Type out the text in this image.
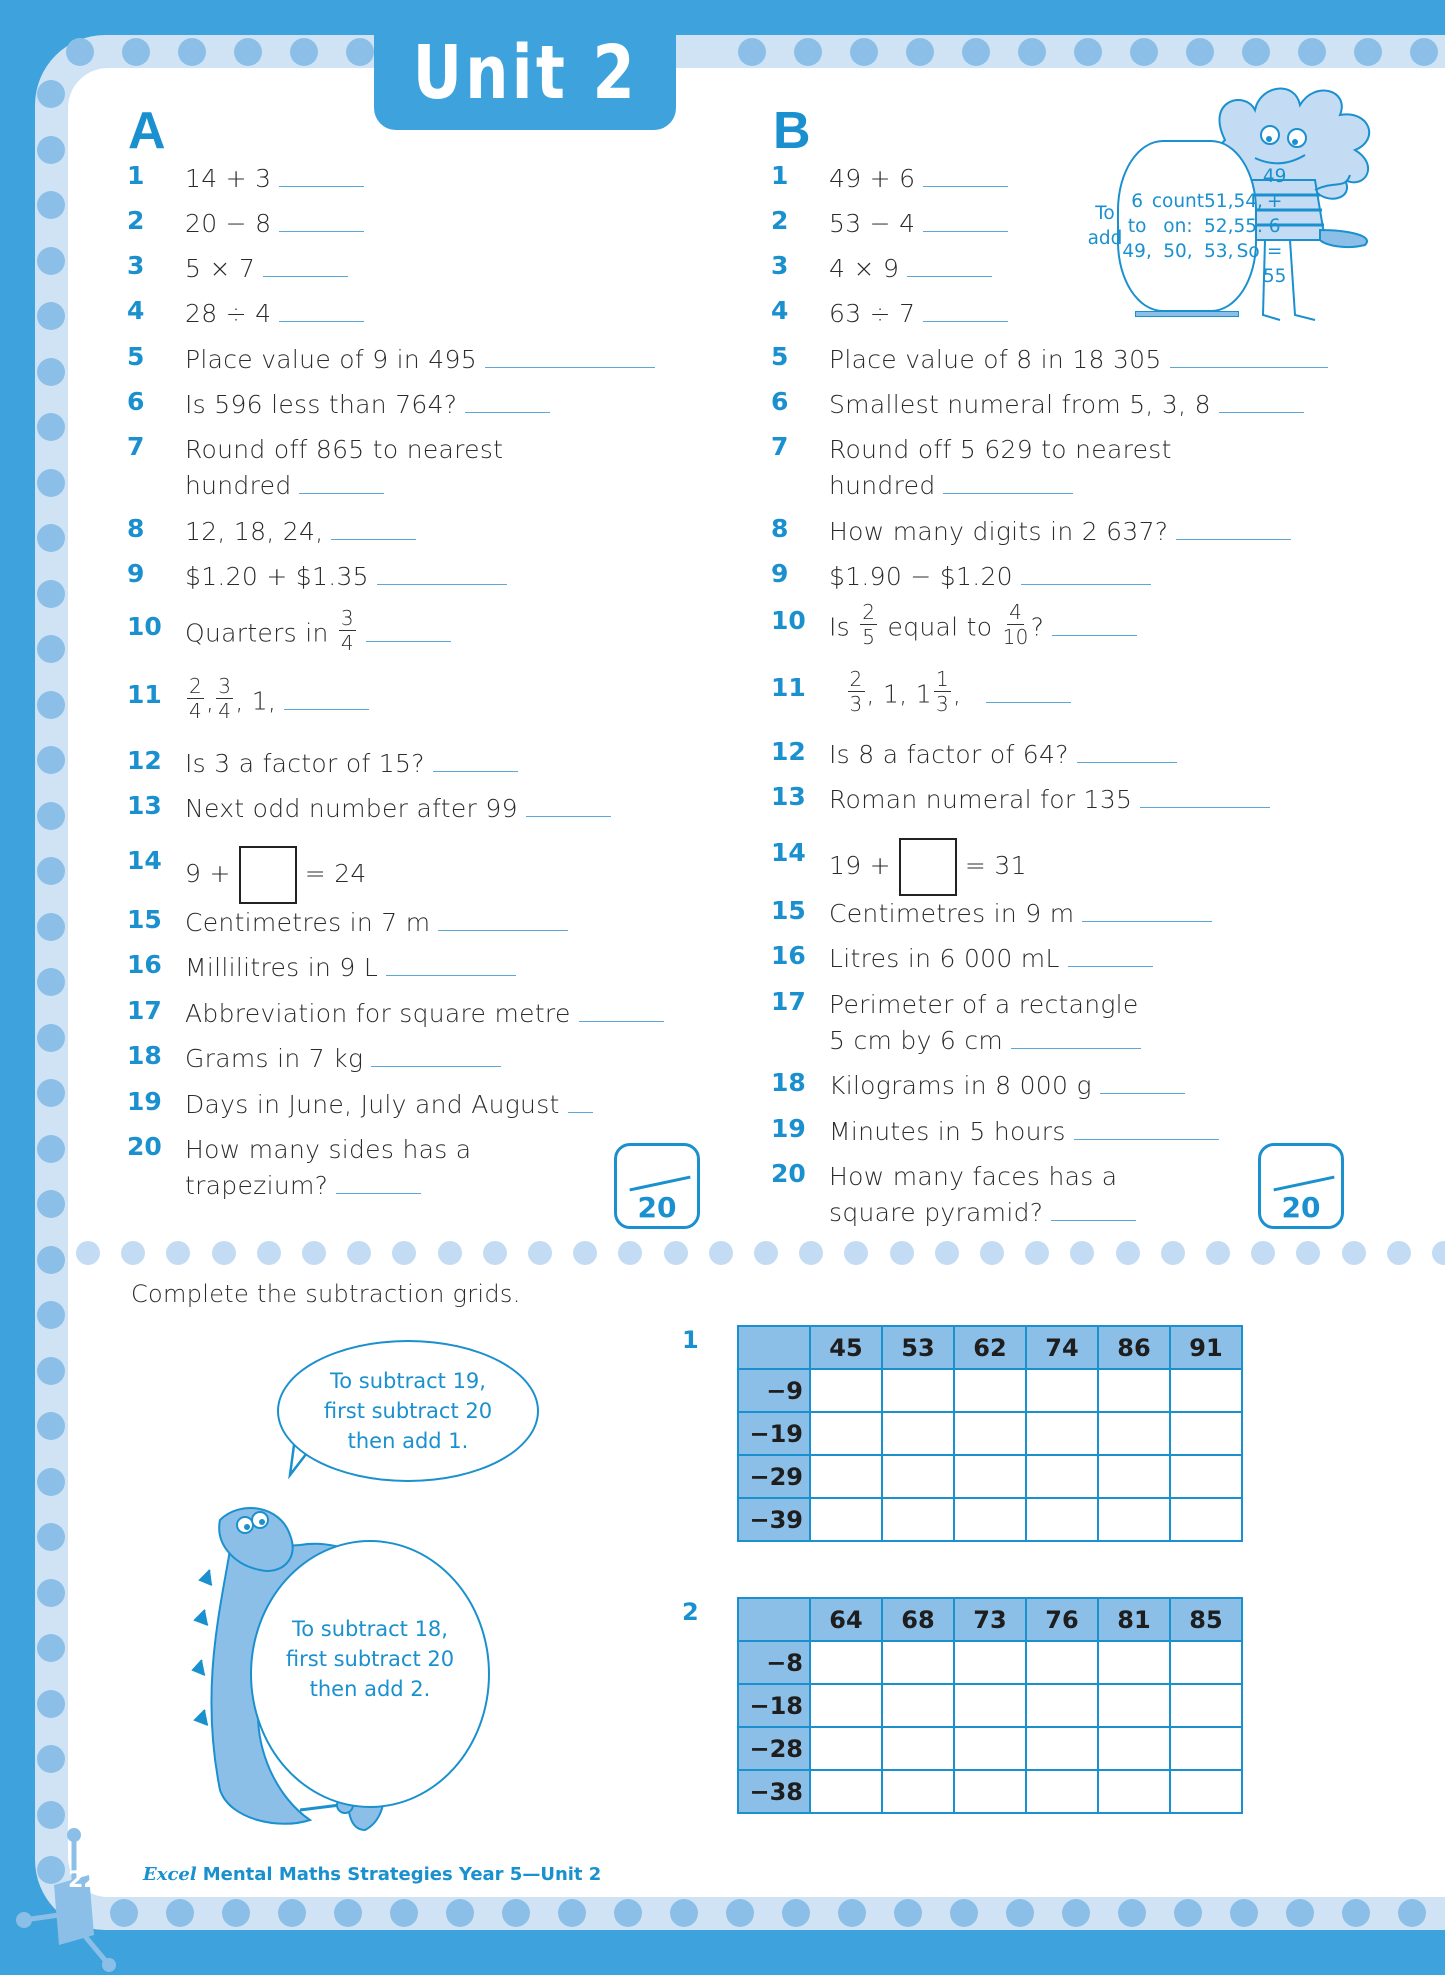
Unit 2
A
1	14 + 3
2	20 − 8
3	5 × 7
4	28 ÷ 4
5	Place value of 9 in 495
6	Is 596 less than 764?
7	Round off 865 to nearest
hundred
8	12, 18, 24,
9	$1.20 + $1.35
10 Quarters in $\frac{3}{4}$
11	$\frac{2}{4}$ , $\frac{3}{4}$ , 1,
12 Is 3 a factor of 15?
13 Next odd number after 99
14 9 +	= 24
15 Centimetres in 7 m
16 Millilitres in 9 L
17 Abbreviation for square metre
18 Grams in 7 kg
19 Days in June, July and August
20 How many sides has a
trapezium?
20
B
1	49 + 6
2	53 − 4
3	4 × 9
4	63 ÷ 7
5	Place value of 8 in 18 305
6	Smallest numeral from 5, 3, 8
7	Round off 5 629 to nearest
hundred
8	How many digits in 2 637?
9	$1.90 − $1.20
10 Is $\frac{2}{5}$ equal to $\frac{4}{10}$ ?
11
	$\frac{2}{3}$ , 1, $1 \frac{1}{3}$ ,
12 Is 8 a factor of 64?
13 Roman numeral for 135
14 19 +	= 31
15 Centimetres in 9 m
16 Litres in 6 000 mL
17 Perimeter of a rectangle
5 cm by 6 cm
18 Kilograms in 8 000 g
19 Minutes in 5 hours
20 How many faces has a
square pyramid?	20
To add

6 to 49,

count on: 50,

51, 52, 53,

54, 55. So

49 + 6 = 55
Complete the subtraction grids.
To subtract 19,
first subtract 20
then add 1.
To subtract 18,
first subtract 20
then add 2.
1
		45	53	62	74	86	91
−9						
−19						
−29						
−39						
2
		64	68	73	76	81	85
−8						
−18						
−28						
−38						
22 Excel Mental Maths Strategies Year 5—Unit 2
